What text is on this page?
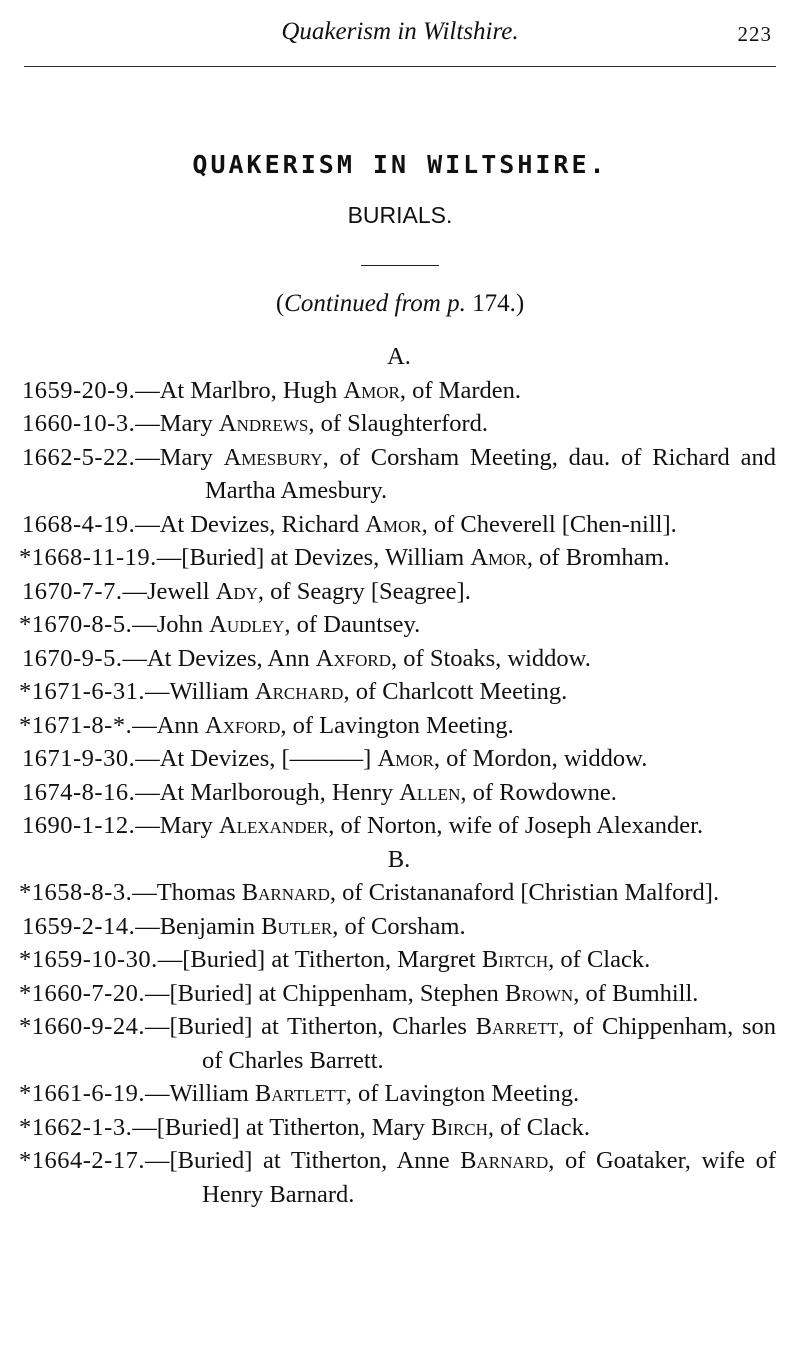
Quakerism in Wiltshire.	223
QUAKERISM IN WILTSHIRE.
BURIALS.
(Continued from p. 174.)

A.

1659-20-9.—At Marlbro, Hugh Amor, of Marden.

1660-10-3.—Mary Andrews, of Slaughterford.

1662-5-22.—Mary Amesbury, of Corsham Meeting, dau. of Richard and Martha Amesbury.

1668-4-19.—At Devizes, Richard Amor, of Cheverell [Chen-nill].

*1668-11-19.—[Buried] at Devizes, William Amor, of Bromham.

1670-7-7.—Jewell Ady, of Seagry [Seagree].

*1670-8-5.—John Audley, of Dauntsey.

1670-9-5.—At Devizes, Ann Axford, of Stoaks, widdow.

*1671-6-31.—William Archard, of Charlcott Meeting.

*1671-8-*.—Ann Axford, of Lavington Meeting.

1671-9-30.—At Devizes, [———] Amor, of Mordon, widdow.

1674-8-16.—At Marlborough, Henry Allen, of Rowdowne.

1690-1-12.—Mary Alexander, of Norton, wife of Joseph Alexander.

B.

*1658-8-3.—Thomas Barnard, of Cristananaford [Christian Malford].

1659-2-14.—Benjamin Butler, of Corsham.

*1659-10-30.—[Buried] at Titherton, Margret Birtch, of Clack.

*1660-7-20.—[Buried] at Chippenham, Stephen Brown, of Bumhill.

*1660-9-24.—[Buried] at Titherton, Charles Barrett, of Chippenham, son of Charles Barrett.

*1661-6-19.—William Bartlett, of Lavington Meeting.

*1662-1-3.—[Buried] at Titherton, Mary Birch, of Clack.

*1664-2-17.—[Buried] at Titherton, Anne Barnard, of Goataker, wife of Henry Barnard.
